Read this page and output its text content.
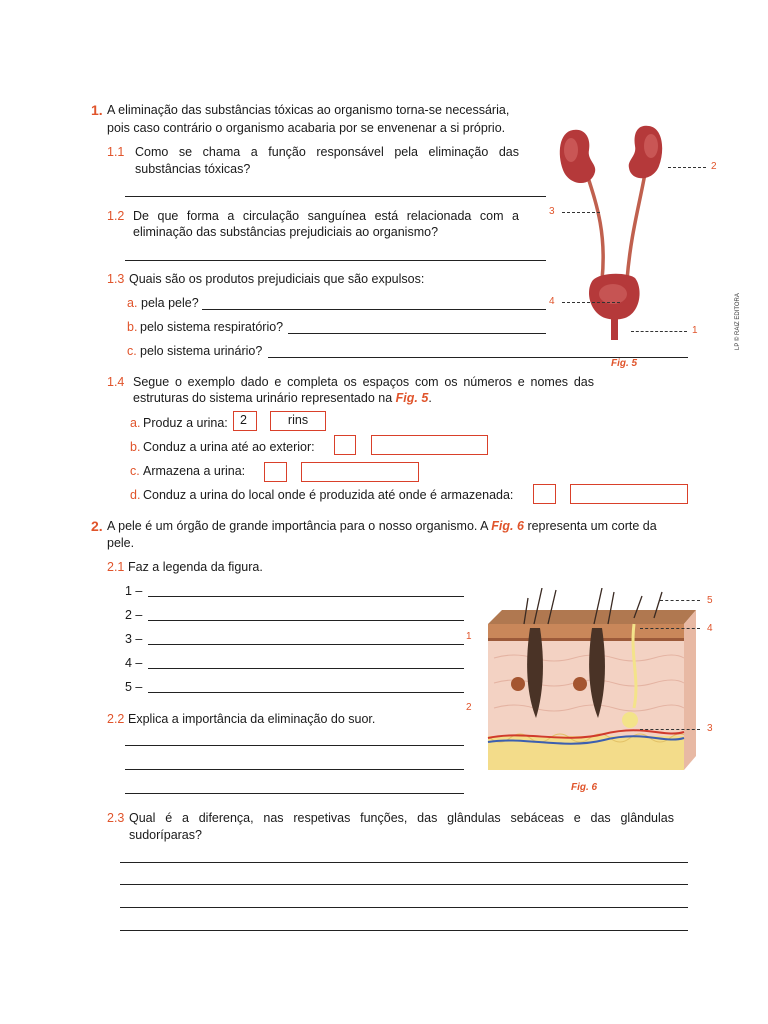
1. A eliminação das substâncias tóxicas ao organismo torna-se necessária,
pois caso contrário o organismo acabaria por se envenenar a si próprio.
1.1 Como se chama a função responsável pela eliminação das
substâncias tóxicas?
1.2 De que forma a circulação sanguínea está relacionada com a
eliminação das substâncias prejudiciais ao organismo?
1.3 Quais são os produtos prejudiciais que são expulsos:
a. pela pele?
b. pelo sistema respiratório?
c. pelo sistema urinário?
1.4 Segue o exemplo dado e completa os espaços com os números e nomes das
estruturas do sistema urinário representado na Fig. 5.
a. Produz a urina: 2	rins
b. Conduz a urina até ao exterior:
c. Armazena a urina:
d. Conduz a urina do local onde é produzida até onde é armazenada:
2
3
4
1
Fig. 5
LP © RAIZ EDITORA
2. A pele é um órgão de grande importância para o nosso organismo. A Fig. 6 representa um corte da
pele.
2.1 Faz a legenda da figura.
1 –
2 –
3 –
4 –
5 –
2.2 Explica a importância da eliminação do suor.
1
2
3
4
5
Fig. 6
2.3 Qual é a diferença, nas respetivas funções, das glândulas sebáceas e das glândulas
sudoríparas?
